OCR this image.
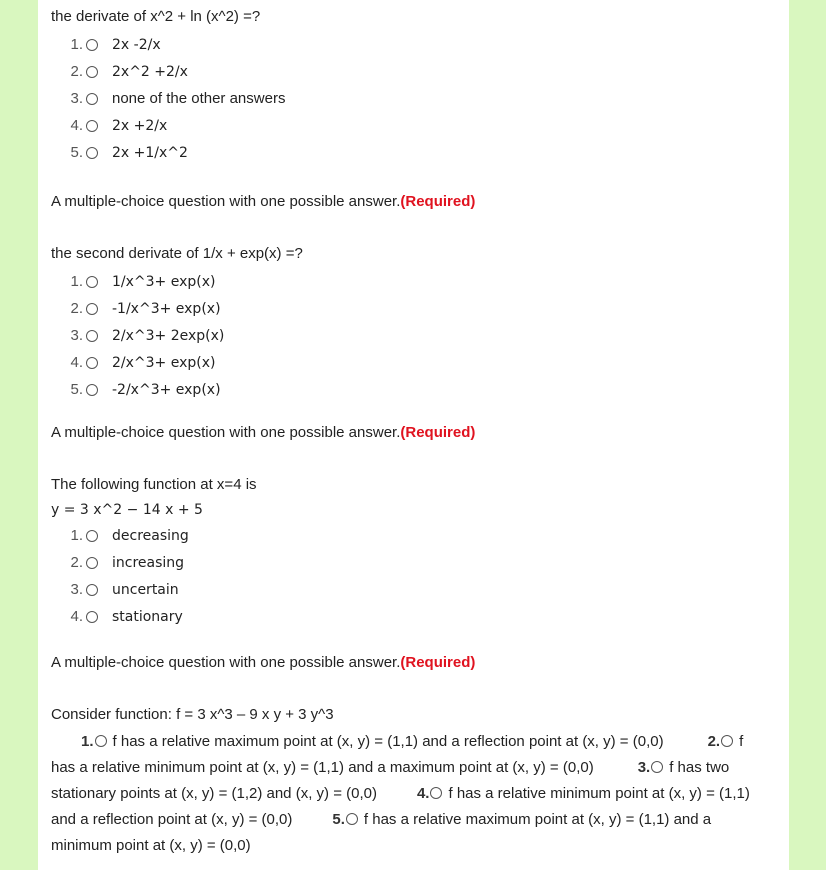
the derivate of x^2 + ln (x^2) =?

1. 2x -2/x
2. 2x^2 +2/x
3. none of the other answers
4. 2x +2/x
5. 2x +1/x^2
A multiple-choice question with one possible answer.(Required)

the second derivate of 1/x + exp(x) =?

1. 1/x^3+ exp(x)
2. -1/x^3+ exp(x)
3. 2/x^3+ 2exp(x)
4. 2/x^3+ exp(x)
5. -2/x^3+ exp(x)
A multiple-choice question with one possible answer.(Required)

The following function at x=4 is

y = 3 x^2 − 14 x + 5
1. decreasing
2. increasing
3. uncertain
4. stationary
A multiple-choice question with one possible answer.(Required)

Consider function: f = 3 x^3 – 9 x y + 3 y^3

1. f has a relative maximum point at (x, y) = (1,1) and a reflection point at (x, y) = (0,0)	2. f has a relative minimum point at (x, y) = (1,1) and a maximum point at (x, y) = (0,0)	3. f has two stationary points at (x, y) = (1,2) and (x, y) = (0,0)	4. f has a relative minimum point at (x, y) = (1,1) and a reflection point at (x, y) = (0,0)	5. f has a relative maximum point at (x, y) = (1,1) and a minimum point at (x, y) = (0,0)
